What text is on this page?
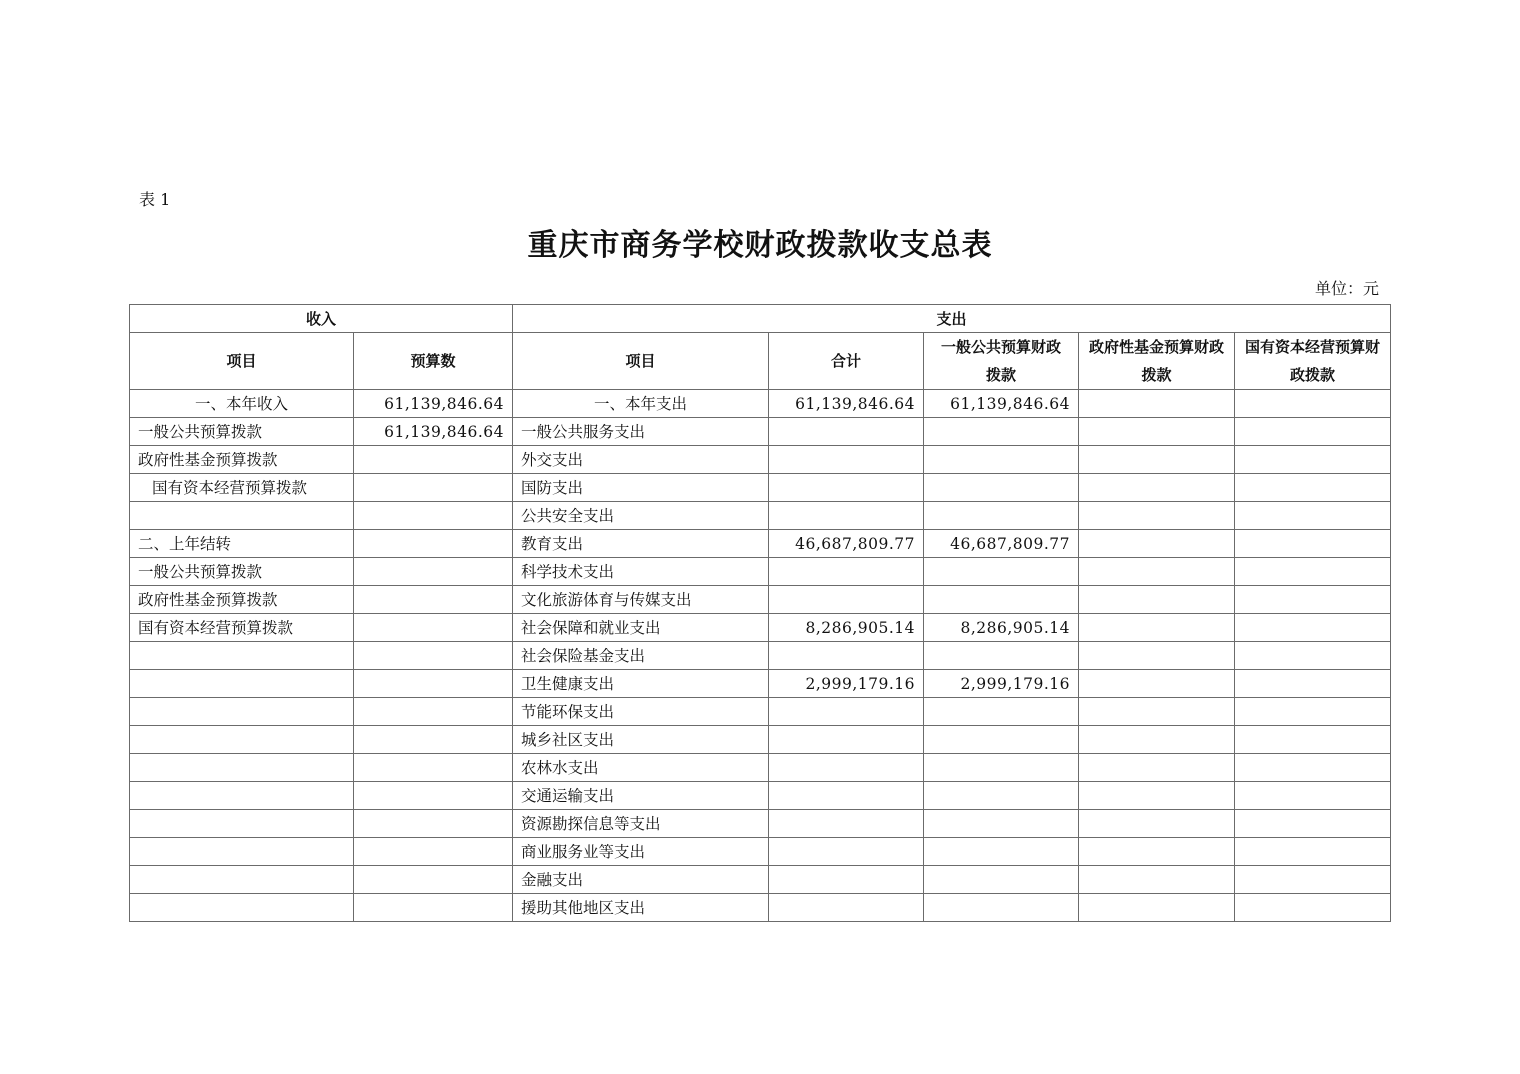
表 1
重庆市商务学校财政拨款收支总表
单位：元
收入		支出				
项目	预算数	项目	合计	一般公共预算财政拨款	政府性基金预算财政拨款	国有资本经营预算财政拨款
一、本年收入	61,139,846.64	一、本年支出	61,139,846.64	61,139,846.64		
一般公共预算拨款	61,139,846.64	一般公共服务支出				
政府性基金预算拨款		外交支出				
国有资本经营预算拨款		国防支出				
		公共安全支出				
二、上年结转		教育支出	46,687,809.77	46,687,809.77		
一般公共预算拨款		科学技术支出				
政府性基金预算拨款		文化旅游体育与传媒支出				
国有资本经营预算拨款		社会保障和就业支出	8,286,905.14	8,286,905.14		
		社会保险基金支出				
		卫生健康支出	2,999,179.16	2,999,179.16		
		节能环保支出				
		城乡社区支出				
		农林水支出				
		交通运输支出				
		资源勘探信息等支出				
		商业服务业等支出				
		金融支出				
		援助其他地区支出				
